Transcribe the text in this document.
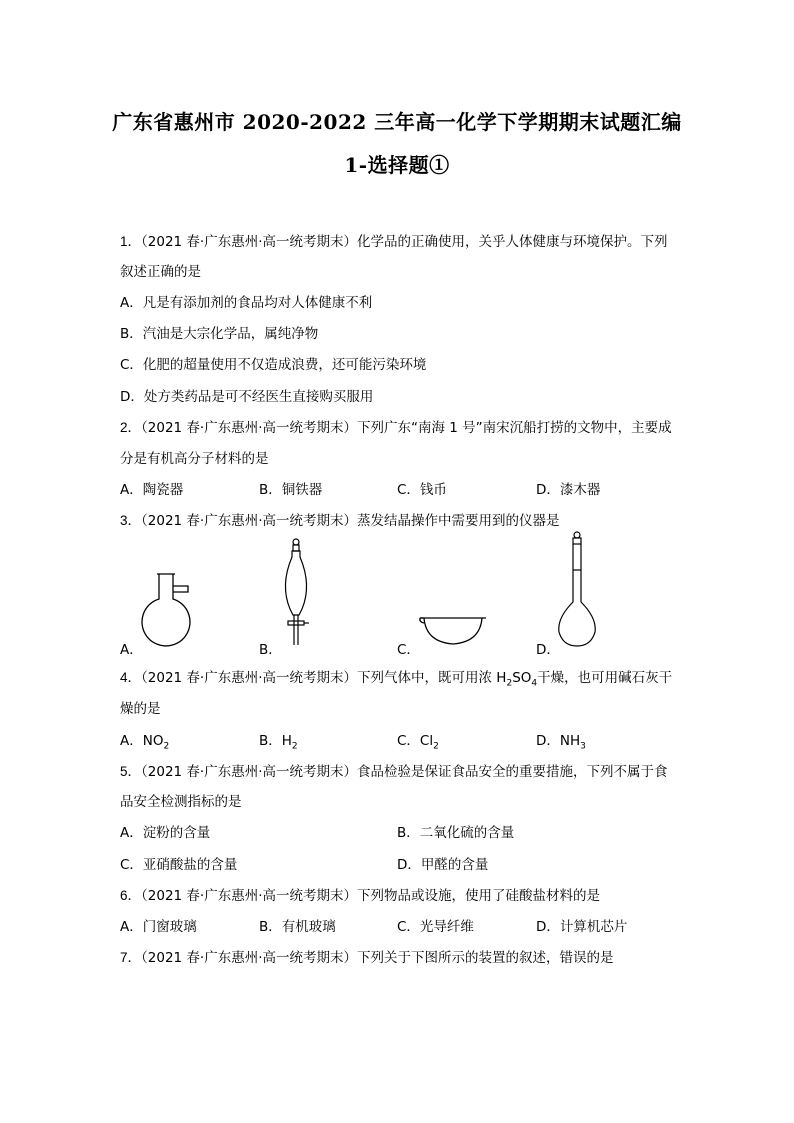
广东省惠州市 2020-2022 三年高一化学下学期期末试题汇编
1-选择题①
1．（2021 春·广东惠州·高一统考期末）化学品的正确使用，关乎人体健康与环境保护。下列
叙述正确的是
A．凡是有添加剂的食品均对人体健康不利
B．汽油是大宗化学品，属纯净物
C．化肥的超量使用不仅造成浪费，还可能污染环境
D．处方类药品是可不经医生直接购买服用
2．（2021 春·广东惠州·高一统考期末）下列广东“南海 1 号”南宋沉船打捞的文物中，主要成
分是有机高分子材料的是
A．陶瓷器	B．铜铁器	C．钱币	D．漆木器
3．（2021 春·广东惠州·高一统考期末）蒸发结晶操作中需要用到的仪器是
A．	B．	C．	D．
4．（2021 春·广东惠州·高一统考期末）下列气体中，既可用浓 $H_2SO_4$干燥，也可用碱石灰干
燥的是
A．$NO_2$	B．$H_2$	C．$Cl_2$	D．$NH_3$
5．（2021 春·广东惠州·高一统考期末）食品检验是保证食品安全的重要措施，下列不属于食
品安全检测指标的是
A．淀粉的含量	B．二氧化硫的含量
C．亚硝酸盐的含量	D．甲醛的含量
6．（2021 春·广东惠州·高一统考期末）下列物品或设施，使用了硅酸盐材料的是
A．门窗玻璃	B．有机玻璃	C．光导纤维	D．计算机芯片
7．（2021 春·广东惠州·高一统考期末）下列关于下图所示的装置的叙述，错误的是
